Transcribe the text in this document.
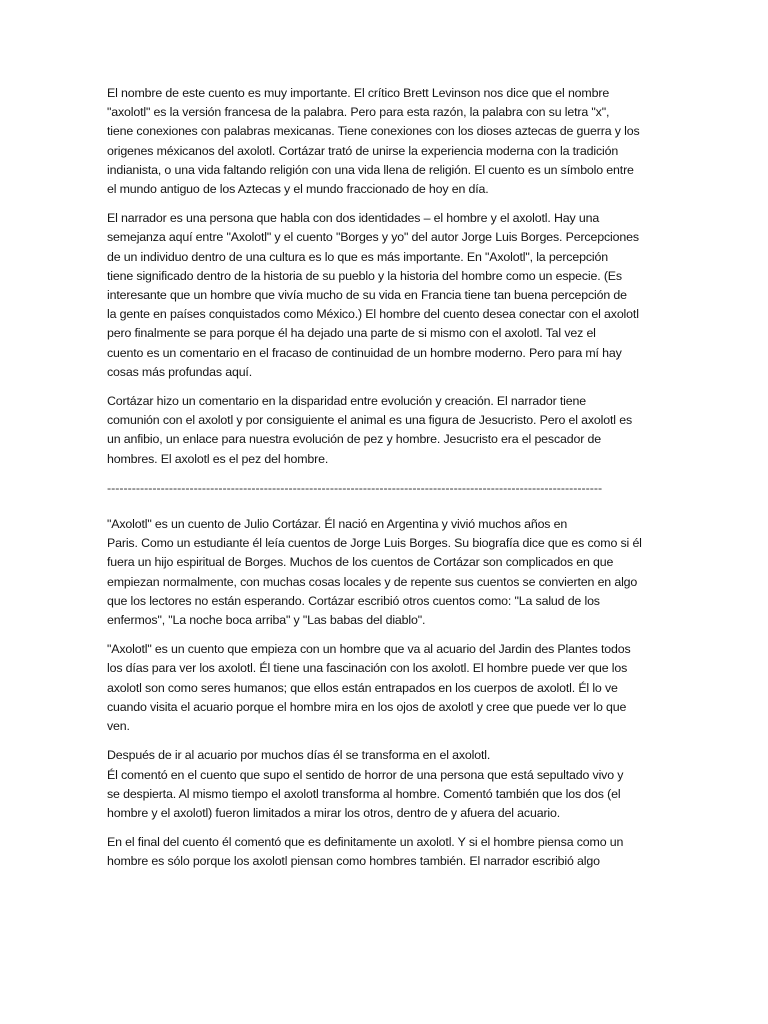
El nombre de este cuento es muy importante. El crítico Brett Levinson nos dice que el nombre
"axolotl" es la versión francesa de la palabra. Pero para esta razón, la palabra con su letra "x",
tiene conexiones con palabras mexicanas. Tiene conexiones con los dioses aztecas de guerra y los
origenes méxicanos del axolotl. Cortázar trató de unirse la experiencia moderna con la tradición
indianista, o una vida faltando religión con una vida llena de religión. El cuento es un símbolo entre
el mundo antiguo de los Aztecas y el mundo fraccionado de hoy en día.

El narrador es una persona que habla con dos identidades – el hombre y el axolotl. Hay una
semejanza aquí entre "Axolotl" y el cuento "Borges y yo" del autor Jorge Luis Borges. Percepciones
de un individuo dentro de una cultura es lo que es más importante. En "Axolotl", la percepción
tiene significado dentro de la historia de su pueblo y la historia del hombre como un especie. (Es
interesante que un hombre que vivía mucho de su vida en Francia tiene tan buena percepción de
la gente en países conquistados como México.) El hombre del cuento desea conectar con el axolotl
pero finalmente se para porque él ha dejado una parte de si mismo con el axolotl. Tal vez el
cuento es un comentario en el fracaso de continuidad de un hombre moderno. Pero para mí hay
cosas más profundas aquí.

Cortázar hizo un comentario en la disparidad entre evolución y creación. El narrador tiene
comunión con el axolotl y por consiguiente el animal es una figura de Jesucristo. Pero el axolotl es
un anfibio, un enlace para nuestra evolución de pez y hombre. Jesucristo era el pescador de
hombres. El axolotl es el pez del hombre.

------------------------------------------------------------------------------------------------------------------------

"Axolotl" es un cuento de Julio Cortázar. Él nació en Argentina y vivió muchos años en
Paris. Como un estudiante él leía cuentos de Jorge Luis Borges. Su biografía dice que es como si él
fuera un hijo espiritual de Borges. Muchos de los cuentos de Cortázar son complicados en que
empiezan normalmente, con muchas cosas locales y de repente sus cuentos se convierten en algo
que los lectores no están esperando. Cortázar escribió otros cuentos como: "La salud de los
enfermos", "La noche boca arriba" y "Las babas del diablo".

"Axolotl" es un cuento que empieza con un hombre que va al acuario del Jardin des Plantes todos
los días para ver los axolotl. Él tiene una fascinación con los axolotl. El hombre puede ver que los
axolotl son como seres humanos; que ellos están entrapados en los cuerpos de axolotl. Él lo ve
cuando visita el acuario porque el hombre mira en los ojos de axolotl y cree que puede ver lo que
ven.

Después de ir al acuario por muchos días él se transforma en el axolotl.
Él comentó en el cuento que supo el sentido de horror de una persona que está sepultado vivo y
se despierta. Al mismo tiempo el axolotl transforma al hombre. Comentó también que los dos (el
hombre y el axolotl) fueron limitados a mirar los otros, dentro de y afuera del acuario.

En el final del cuento él comentó que es definitamente un axolotl. Y si el hombre piensa como un
hombre es sólo porque los axolotl piensan como hombres también. El narrador escribió algo
